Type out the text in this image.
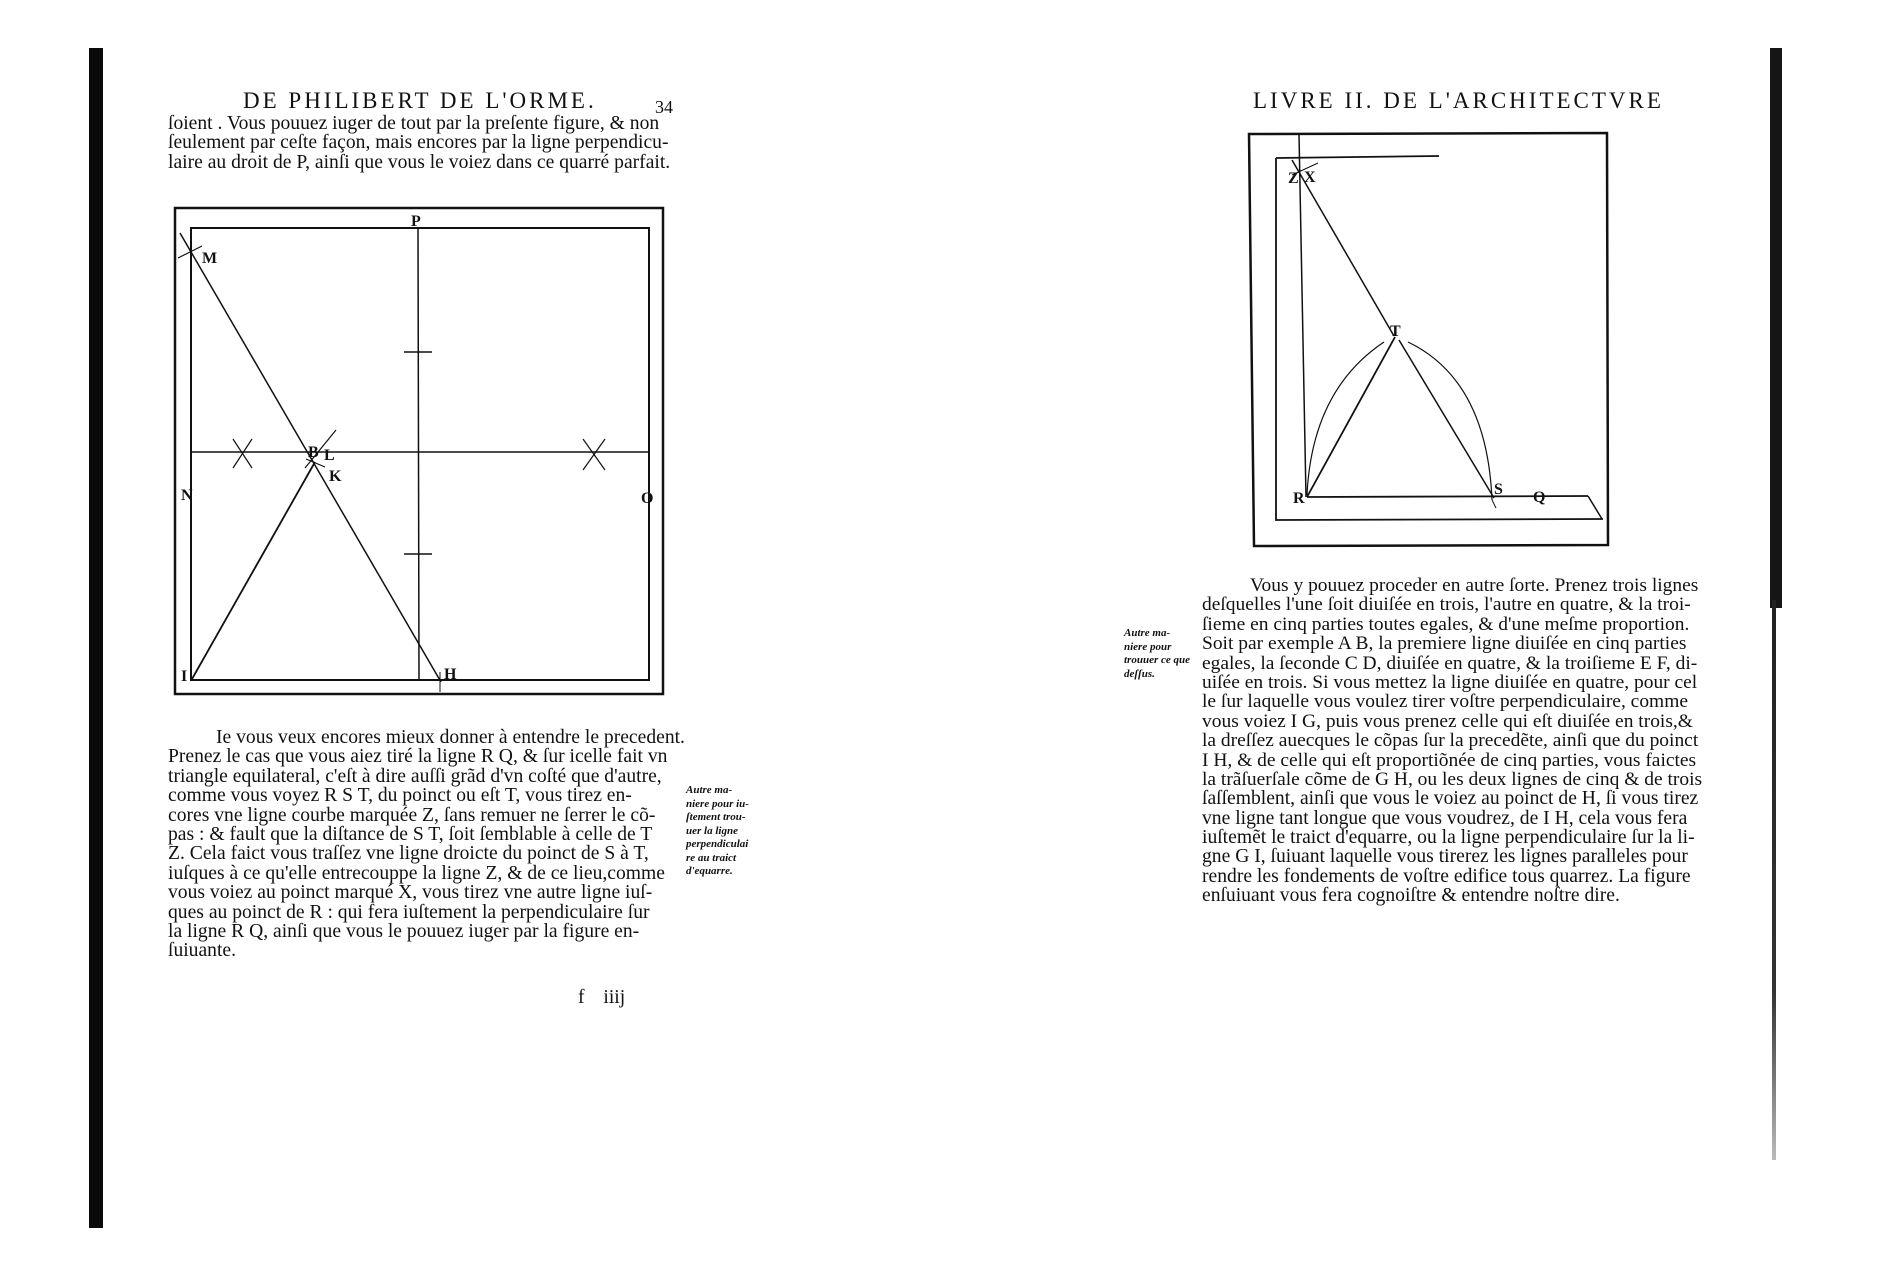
DE PHILIBERT DE L'ORME.	34
ſoient . Vous pouuez iuger de tout par la preſente figure, & non
ſeulement par ceſte façon, mais encores par la ligne perpendicu-
laire au droit de P, ainſi que vous le voiez dans ce quarré parfait.
P
M
B L
K
N	O
I	H
Ie vous veux encores mieux donner à entendre le precedent.
Prenez le cas que vous aiez tiré la ligne R Q, & ſur icelle fait vn
triangle equilateral, c'eſt à dire auſſi grãd d'vn coſté que d'autre,
comme vous voyez R S T, du poinct ou eſt T, vous tirez en-
cores vne ligne courbe marquée Z, ſans remuer ne ſerrer le cõ-
pas : & fault que la diſtance de S T, ſoit ſemblable à celle de T
Z. Cela faict vous traſſez vne ligne droicte du poinct de S à T,
iuſques à ce qu'elle entrecouppe la ligne Z, & de ce lieu,comme
vous voiez au poinct marqué X, vous tirez vne autre ligne iuſ-
ques au poinct de R : qui fera iuſtement la perpendiculaire ſur
la ligne R Q, ainſi que vous le pouuez iuger par la figure en-
ſuiuante.
Autre ma-
niere pour iu-
ſtement trou-
uer la ligne
perpendiculai
re au traict
d'equarre.
f iiij
LIVRE II. DE L'ARCHITECTVRE
Z X
T
R
S Q
Vous y pouuez proceder en autre ſorte. Prenez trois lignes
deſquelles l'une ſoit diuiſée en trois, l'autre en quatre, & la troi-
ſieme en cinq parties toutes egales, & d'une meſme proportion.
Soit par exemple A B, la premiere ligne diuiſée en cinq parties
egales, la ſeconde C D, diuiſée en quatre, & la troiſieme E F, di-
uiſée en trois. Si vous mettez la ligne diuiſée en quatre, pour cel
le ſur laquelle vous voulez tirer voſtre perpendiculaire, comme
vous voiez I G, puis vous prenez celle qui eſt diuiſée en trois,&
la dreſſez auecques le cõpas ſur la precedẽte, ainſi que du poinct
I H, & de celle qui eſt proportiõnée de cinq parties, vous faictes
la trãſuerſale cõme de G H, ou les deux lignes de cinq & de trois
ſaſſemblent, ainſi que vous le voiez au poinct de H, ſi vous tirez
vne ligne tant longue que vous voudrez, de I H, cela vous fera
iuſtemẽt le traict d'equarre, ou la ligne perpendiculaire ſur la li-
gne G I, ſuiuant laquelle vous tirerez les lignes paralleles pour
rendre les fondements de voſtre edifice tous quarrez. La figure
enſuiuant vous fera cognoiſtre & entendre noſtre dire.
Autre ma-
niere pour
trouuer ce que
deſſus.
